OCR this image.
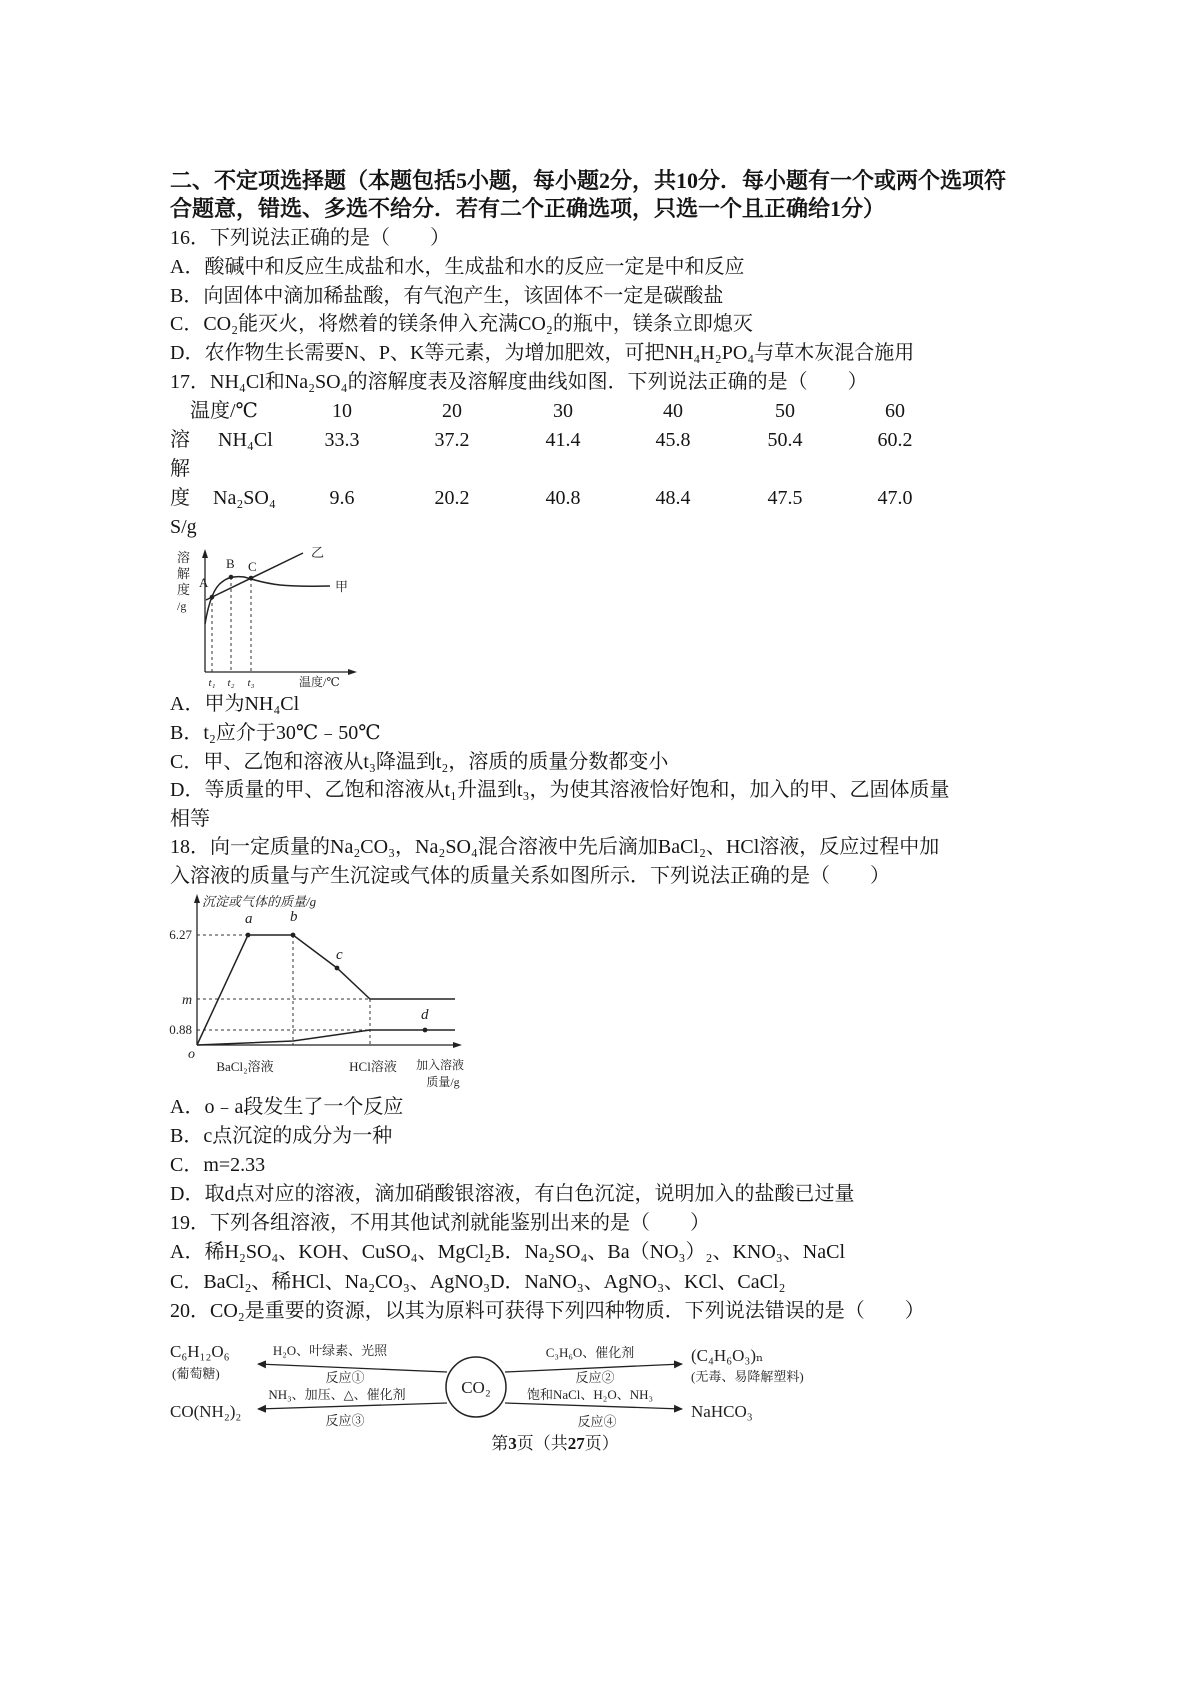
二、不定项选择题（本题包括5小题，每小题2分，共10分．每小题有一个或两个选项符
合题意，错选、多选不给分．若有二个正确选项，只选一个且正确给1分）
16．下列说法正确的是（　　）
A．酸碱中和反应生成盐和水，生成盐和水的反应一定是中和反应
B．向固体中滴加稀盐酸，有气泡产生，该固体不一定是碳酸盐
C．CO₂能灭火，将燃着的镁条伸入充满CO₂的瓶中，镁条立即熄灭
D．农作物生长需要N、P、K等元素，为增加肥效，可把NH₄H₂PO₄与草木灰混合施用
17．NH₄Cl和Na₂SO₄的溶解度表及溶解度曲线如图．下列说法正确的是（　　）
温度/℃	10	20	30	40	50	60
溶 NH₄Cl	33.3	37.2	41.4	45.8	50.4	60.2
解
度 Na₂SO₄	9.6	20.2	40.8	48.4	47.5	47.0
S/g
溶
解
度
/g
乙
甲
A
B C
t₁ t₂ t₃	温度/℃
A．甲为NH₄Cl
B．t₂应介于30℃﹣50℃
C．甲、乙饱和溶液从t₃降温到t₂，溶质的质量分数都变小
D．等质量的甲、乙饱和溶液从t₁升温到t₃，为使其溶液恰好饱和，加入的甲、乙固体质量
相等
18．向一定质量的Na₂CO₃，Na₂SO₄混合溶液中先后滴加BaCl₂、HCl溶液，反应过程中加
入溶液的质量与产生沉淀或气体的质量关系如图所示．下列说法正确的是（　　）
沉淀或气体的质量/g
6.27
m
0.88
o
a	b
c
d
BaCl₂溶液	HCl溶液 加入溶液
质量/g
A．o﹣a段发生了一个反应
B．c点沉淀的成分为一种
C．m=2.33
D．取d点对应的溶液，滴加硝酸银溶液，有白色沉淀，说明加入的盐酸已过量
19．下列各组溶液，不用其他试剂就能鉴别出来的是（　　）
A．稀H₂SO₄、KOH、CuSO₄、MgCl₂B．Na₂SO₄、Ba（NO₃）₂、KNO₃、NaCl
C．BaCl₂、稀HCl、Na₂CO₃、AgNO₃D．NaNO₃、AgNO₃、KCl、CaCl₂
20．CO₂是重要的资源，以其为原料可获得下列四种物质．下列说法错误的是（　　）
CO₂
H₂O、叶绿素、光照
反应①
C₃H₆O、催化剂
反应②
NH₃、加压、△、催化剂
反应③
饱和NaCl、H₂O、NH₃
反应④
C₆H₁₂O₆
(葡萄糖)
(C₄H₆O₃)ₙ
(无毒、易降解塑料)
CO(NH₂)₂	NaHCO₃
第3页（共27页）
